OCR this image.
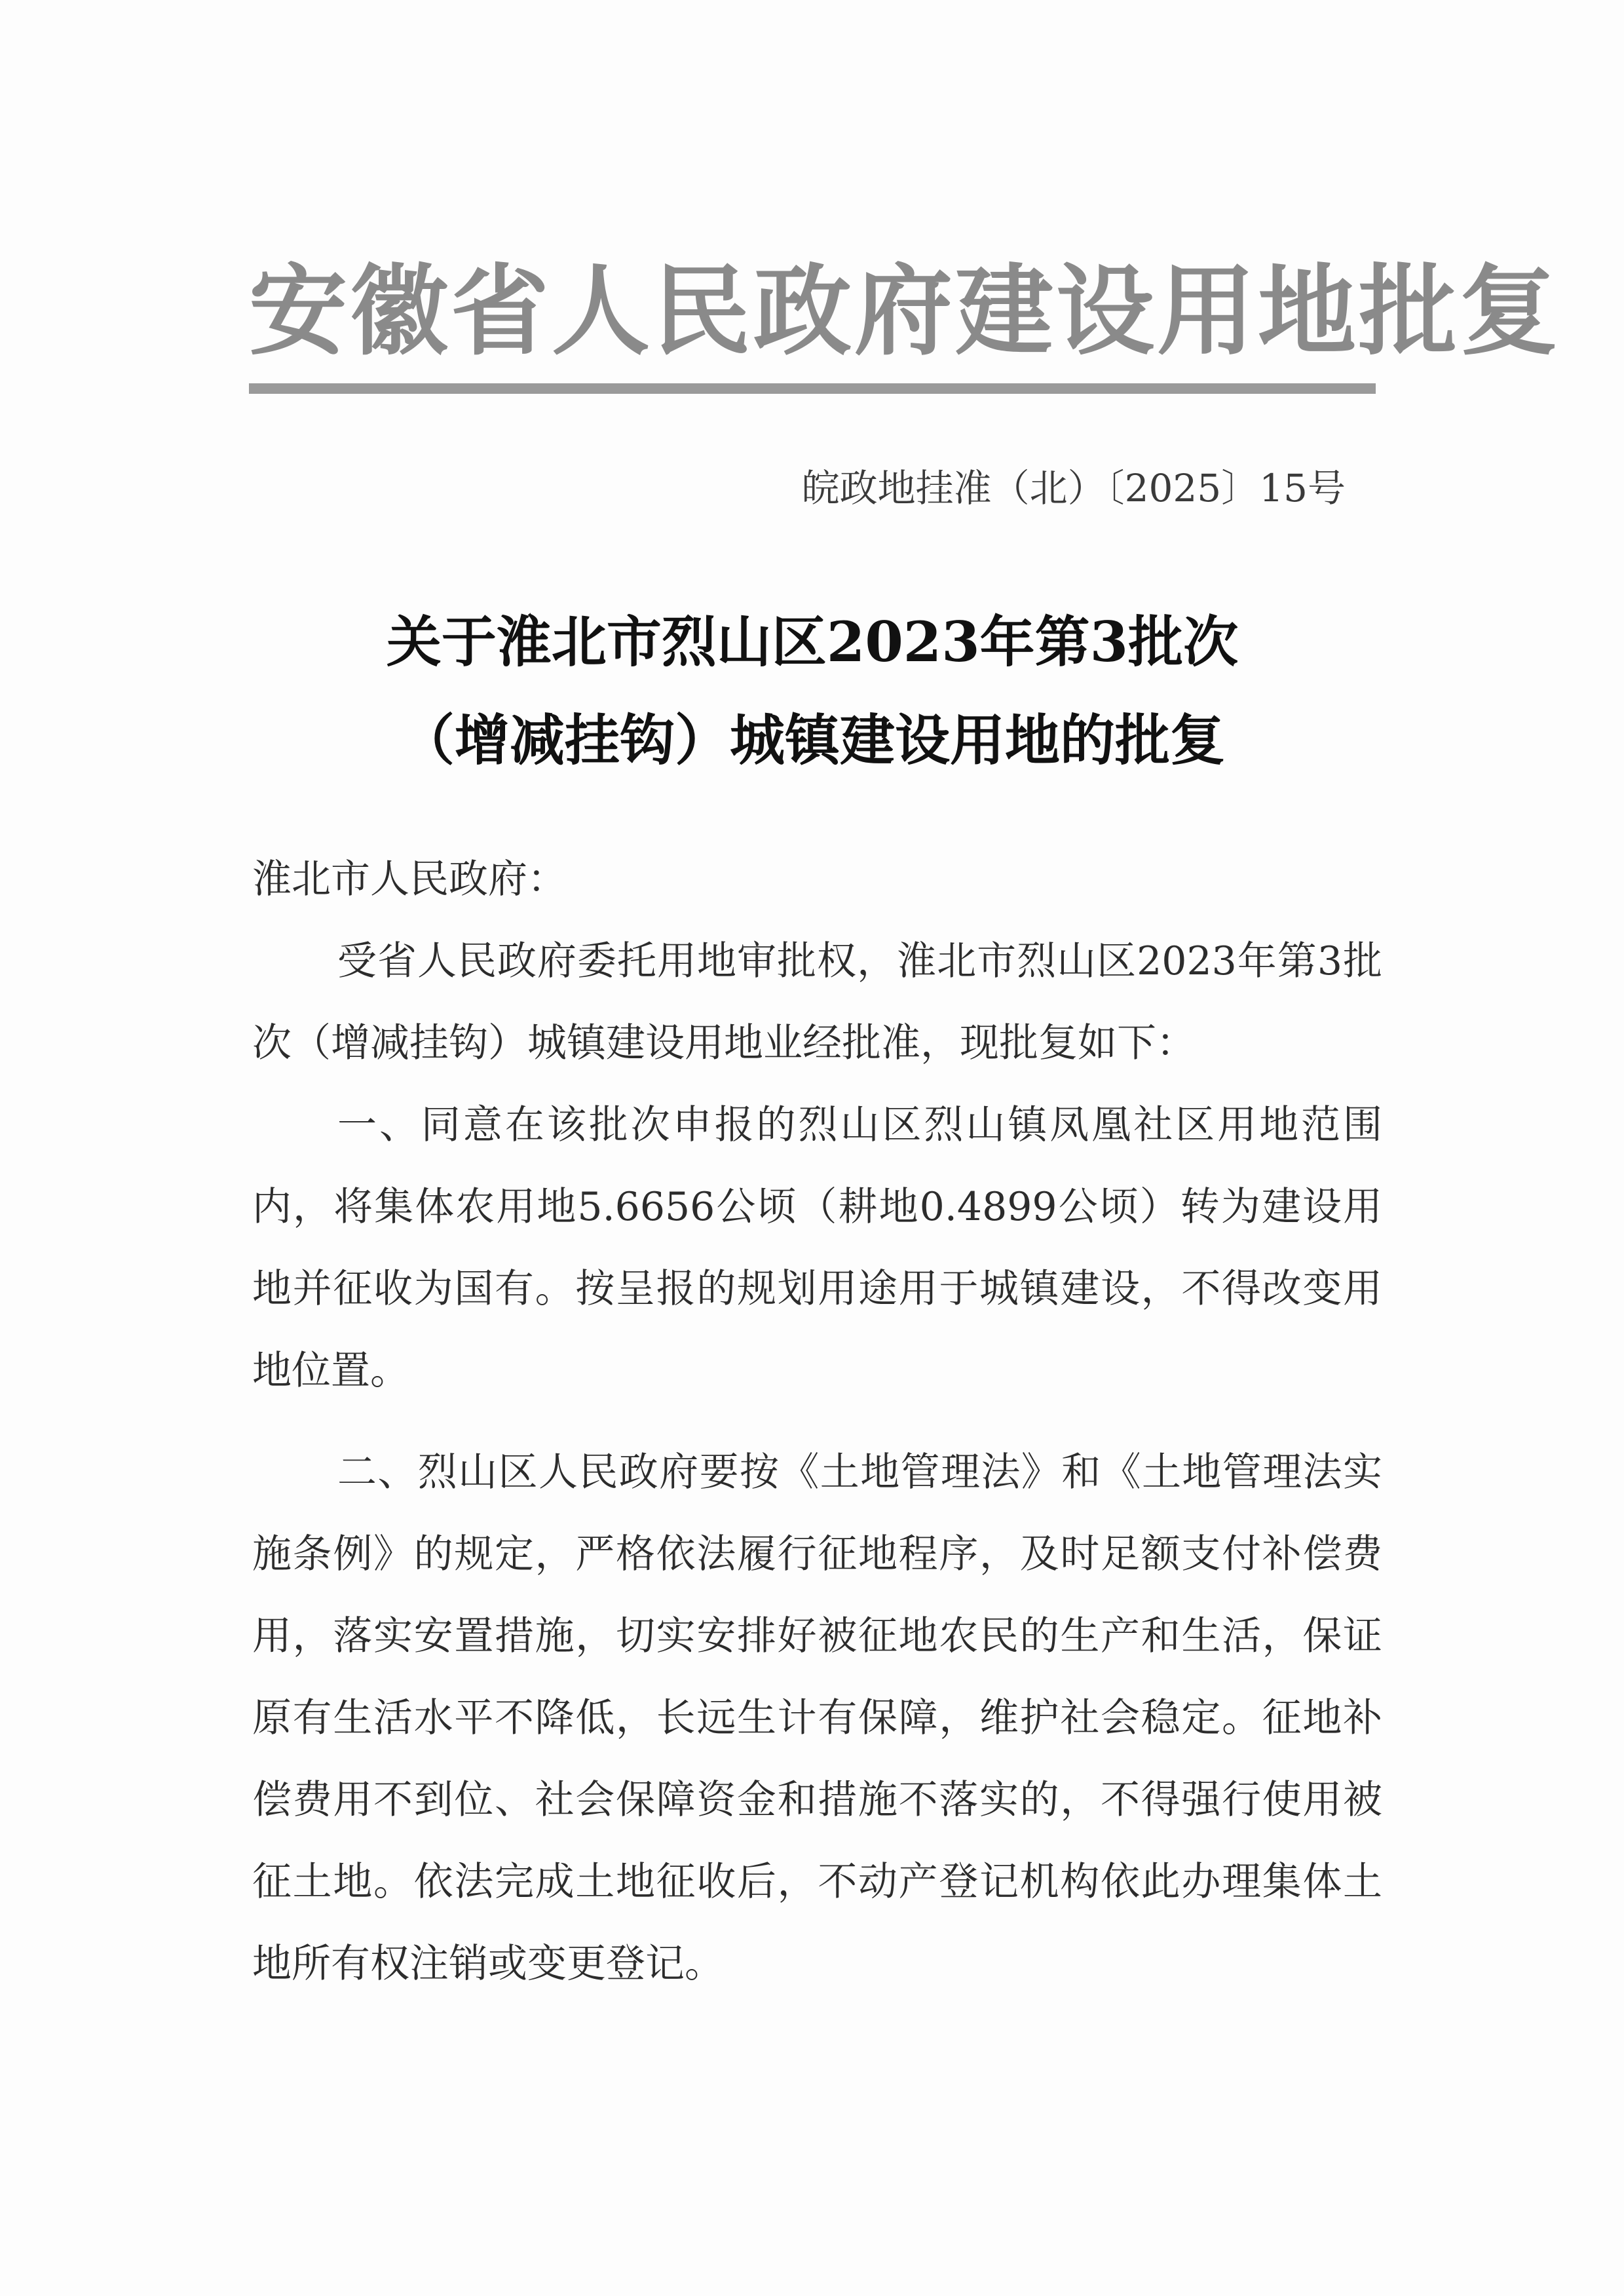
安徽省人民政府建设用地批复
皖政地挂准（北）〔2025〕15号
关于淮北市烈山区2023年第3批次
（增减挂钩）城镇建设用地的批复

淮北市人民政府：

受省人民政府委托用地审批权，淮北市烈山区2023年第3批次（增减挂钩）城镇建设用地业经批准，现批复如下：

一、同意在该批次申报的烈山区烈山镇凤凰社区用地范围内，将集体农用地5.6656公顷（耕地0.4899公顷）转为建设用地并征收为国有。按呈报的规划用途用于城镇建设，不得改变用地位置。

二、烈山区人民政府要按《土地管理法》和《土地管理法实施条例》的规定，严格依法履行征地程序，及时足额支付补偿费用，落实安置措施，切实安排好被征地农民的生产和生活，保证原有生活水平不降低，长远生计有保障，维护社会稳定。征地补偿费用不到位、社会保障资金和措施不落实的，不得强行使用被征土地。依法完成土地征收后，不动产登记机构依此办理集体土地所有权注销或变更登记。
